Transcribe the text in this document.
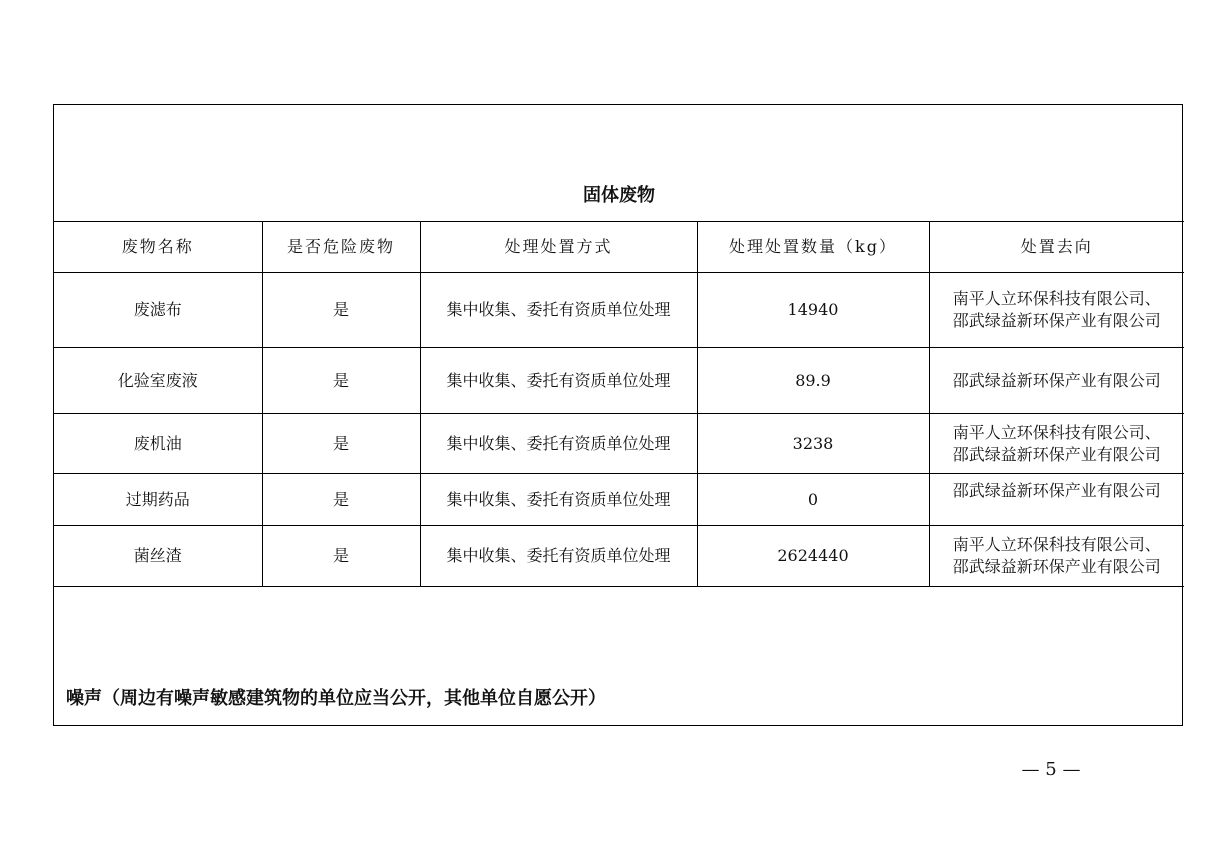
固体废物				
废物名称	是否危险废物	处理处置方式	处理处置数量（kg）	处置去向
废滤布	是	集中收集、委托有资质单位处理	14940	南平人立环保科技有限公司、
邵武绿益新环保产业有限公司

化验室废液	是	集中收集、委托有资质单位处理	89.9	邵武绿益新环保产业有限公司

废机油	是	集中收集、委托有资质单位处理	3238	南平人立环保科技有限公司、
邵武绿益新环保产业有限公司

过期药品	是	集中收集、委托有资质单位处理	0	邵武绿益新环保产业有限公司

菌丝渣	是	集中收集、委托有资质单位处理	2624440	南平人立环保科技有限公司、
邵武绿益新环保产业有限公司
噪声（周边有噪声敏感建筑物的单位应当公开，其他单位自愿公开）
— 5 —
